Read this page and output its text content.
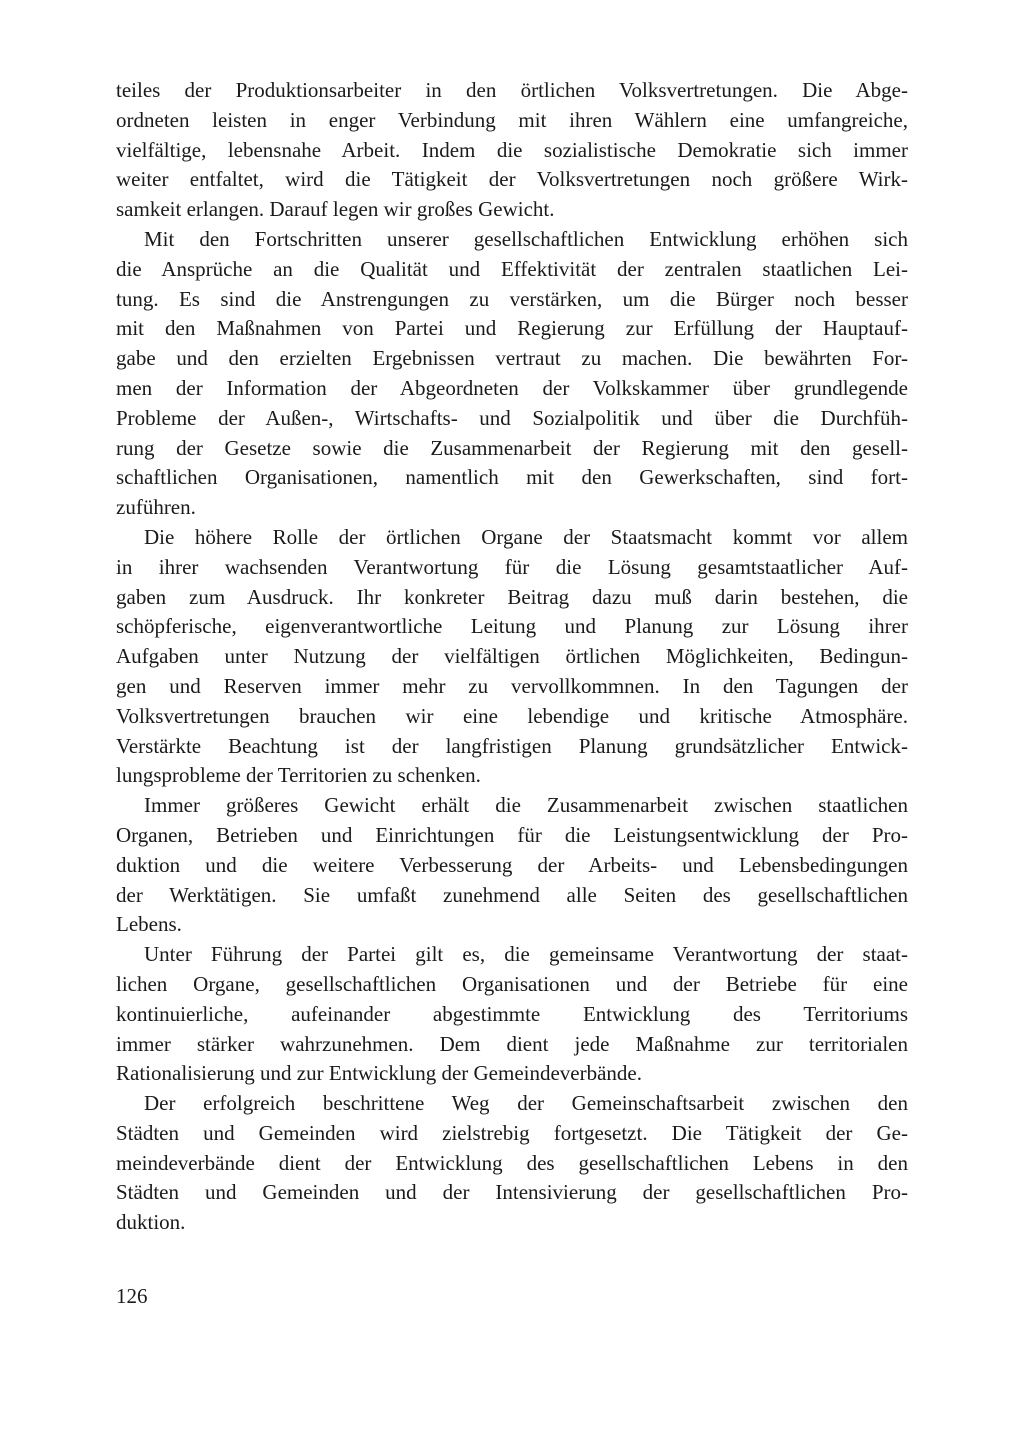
teiles der Produktionsarbeiter in den örtlichen Volksvertretungen. Die Abge-
ordneten leisten in enger Verbindung mit ihren Wählern eine umfangreiche,
vielfältige, lebensnahe Arbeit. Indem die sozialistische Demokratie sich immer
weiter entfaltet, wird die Tätigkeit der Volksvertretungen noch größere Wirk-
samkeit erlangen. Darauf legen wir großes Gewicht.
Mit den Fortschritten unserer gesellschaftlichen Entwicklung erhöhen sich
die Ansprüche an die Qualität und Effektivität der zentralen staatlichen Lei-
tung. Es sind die Anstrengungen zu verstärken, um die Bürger noch besser
mit den Maßnahmen von Partei und Regierung zur Erfüllung der Hauptauf-
gabe und den erzielten Ergebnissen vertraut zu machen. Die bewährten For-
men der Information der Abgeordneten der Volkskammer über grundlegende
Probleme der Außen-, Wirtschafts- und Sozialpolitik und über die Durchfüh-
rung der Gesetze sowie die Zusammenarbeit der Regierung mit den gesell-
schaftlichen Organisationen, namentlich mit den Gewerkschaften, sind fort-
zuführen.
Die höhere Rolle der örtlichen Organe der Staatsmacht kommt vor allem
in ihrer wachsenden Verantwortung für die Lösung gesamtstaatlicher Auf-
gaben zum Ausdruck. Ihr konkreter Beitrag dazu muß darin bestehen, die
schöpferische, eigenverantwortliche Leitung und Planung zur Lösung ihrer
Aufgaben unter Nutzung der vielfältigen örtlichen Möglichkeiten, Bedingun-
gen und Reserven immer mehr zu vervollkommnen. In den Tagungen der
Volksvertretungen brauchen wir eine lebendige und kritische Atmosphäre.
Verstärkte Beachtung ist der langfristigen Planung grundsätzlicher Entwick-
lungsprobleme der Territorien zu schenken.
Immer größeres Gewicht erhält die Zusammenarbeit zwischen staatlichen
Organen, Betrieben und Einrichtungen für die Leistungsentwicklung der Pro-
duktion und die weitere Verbesserung der Arbeits- und Lebensbedingungen
der Werktätigen. Sie umfaßt zunehmend alle Seiten des gesellschaftlichen
Lebens.
Unter Führung der Partei gilt es, die gemeinsame Verantwortung der staat-
lichen Organe, gesellschaftlichen Organisationen und der Betriebe für eine
kontinuierliche, aufeinander abgestimmte Entwicklung des Territoriums
immer stärker wahrzunehmen. Dem dient jede Maßnahme zur territorialen
Rationalisierung und zur Entwicklung der Gemeindeverbände.
Der erfolgreich beschrittene Weg der Gemeinschaftsarbeit zwischen den
Städten und Gemeinden wird zielstrebig fortgesetzt. Die Tätigkeit der Ge-
meindeverbände dient der Entwicklung des gesellschaftlichen Lebens in den
Städten und Gemeinden und der Intensivierung der gesellschaftlichen Pro-
duktion.
126
